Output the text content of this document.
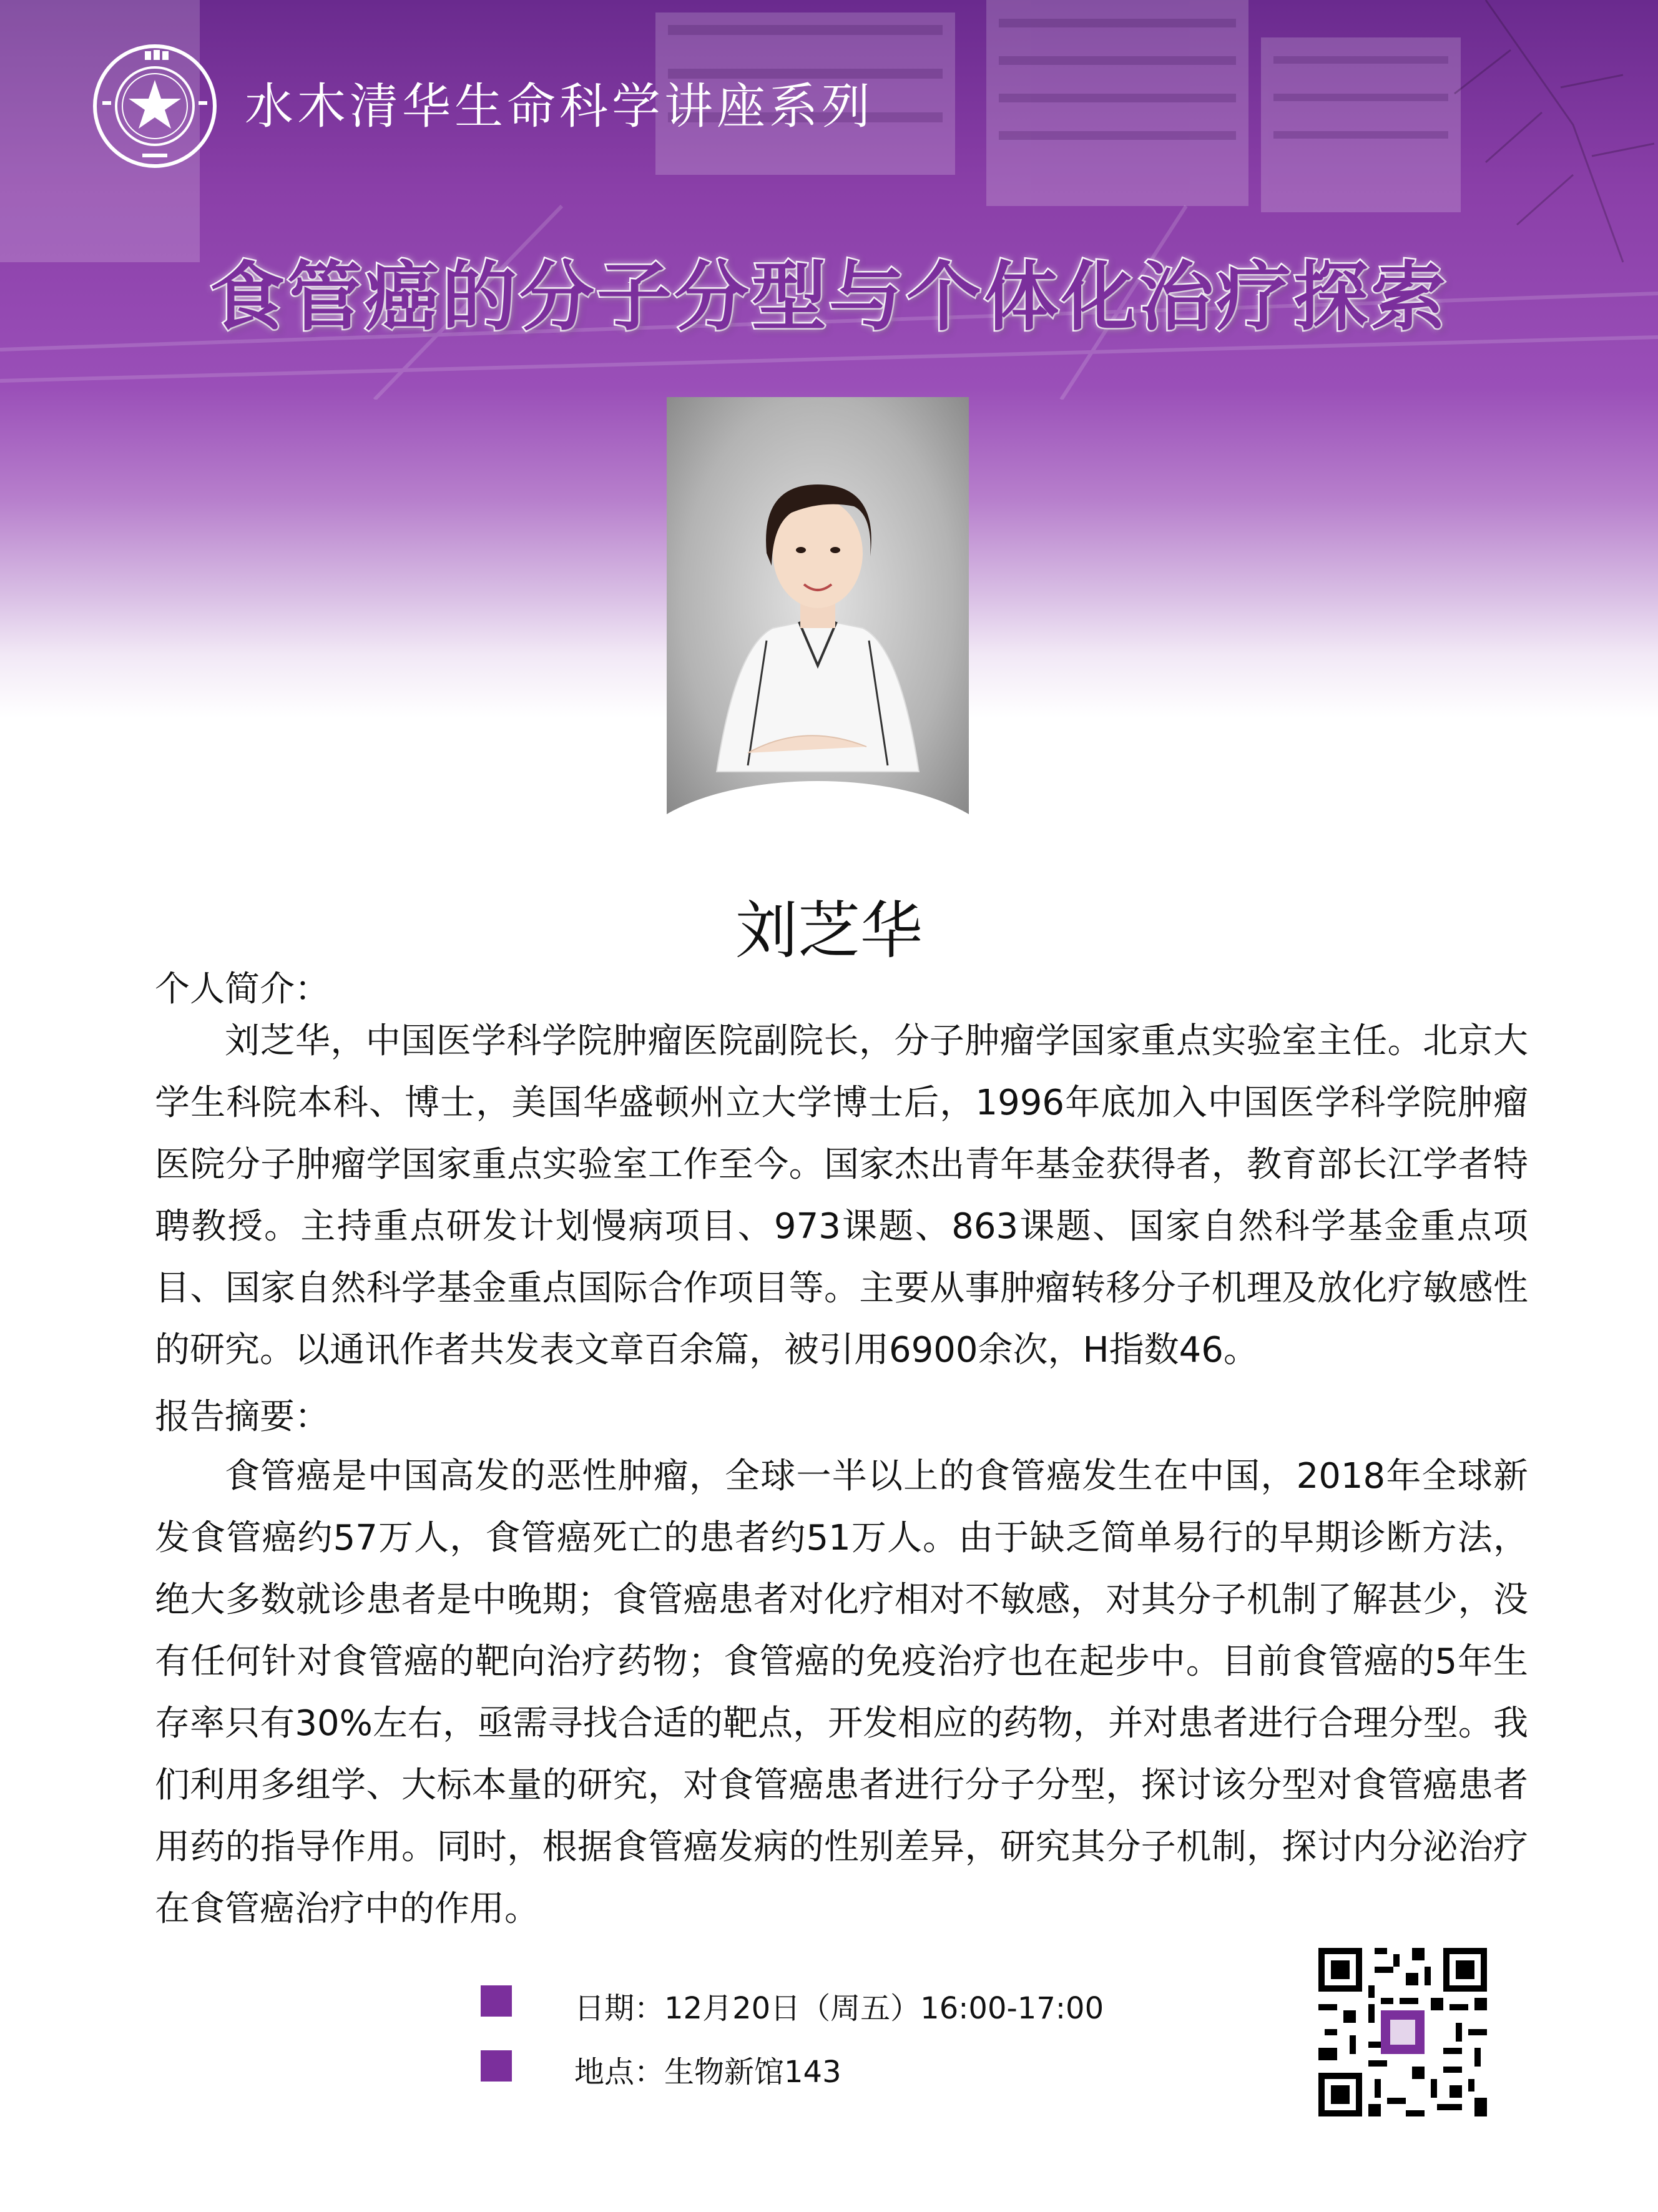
水木清华生命科学讲座系列
食管癌的分子分型与个体化治疗探索
刘芝华
个人简介：
刘芝华，中国医学科学院肿瘤医院副院长，分子肿瘤学国家重点实验室主任。北京大学生科院本科、博士，美国华盛顿州立大学博士后，1996年底加入中国医学科学院肿瘤医院分子肿瘤学国家重点实验室工作至今。国家杰出青年基金获得者，教育部长江学者特聘教授。主持重点研发计划慢病项目、973课题、863课题、国家自然科学基金重点项目、国家自然科学基金重点国际合作项目等。主要从事肿瘤转移分子机理及放化疗敏感性的研究。以通讯作者共发表文章百余篇，被引用6900余次，H指数46。
报告摘要：
食管癌是中国高发的恶性肿瘤，全球一半以上的食管癌发生在中国，2018年全球新发食管癌约57万人，食管癌死亡的患者约51万人。由于缺乏简单易行的早期诊断方法，绝大多数就诊患者是中晚期；食管癌患者对化疗相对不敏感，对其分子机制了解甚少，没有任何针对食管癌的靶向治疗药物；食管癌的免疫治疗也在起步中。目前食管癌的5年生存率只有30%左右，亟需寻找合适的靶点，开发相应的药物，并对患者进行合理分型。我们利用多组学、大标本量的研究，对食管癌患者进行分子分型，探讨该分型对食管癌患者用药的指导作用。同时，根据食管癌发病的性别差异，研究其分子机制，探讨内分泌治疗在食管癌治疗中的作用。
日期：12月20日（周五）16:00-17:00
地点：生物新馆143
